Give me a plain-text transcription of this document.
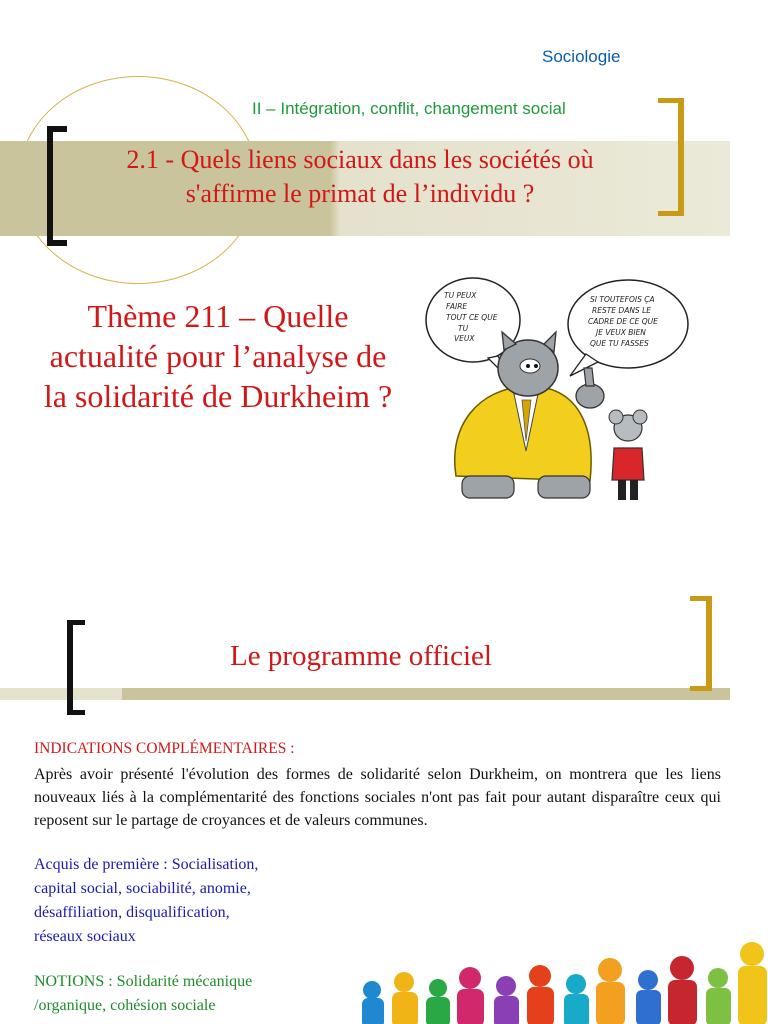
Sociologie
II – Intégration, conflit, changement social
2.1 - Quels liens sociaux dans les sociétés où s'affirme le primat de l’individu ?
Thème 211 – Quelle actualité pour l’analyse de la solidarité de Durkheim ?
TU PEUX
FAIRE
TOUT CE QUE
TU
VEUX
SI TOUTEFOIS ÇA
RESTE DANS LE
CADRE DE CE QUE
JE VEUX BIEN
QUE TU FASSES
Le programme officiel
INDICATIONS COMPLÉMENTAIRES :
Après avoir présenté l'évolution des formes de solidarité selon Durkheim, on montrera que les liens nouveaux liés à la complémentarité des fonctions sociales n'ont pas fait pour autant disparaître ceux qui reposent sur le partage de croyances et de valeurs communes.
Acquis de première : Socialisation,
capital social, sociabilité, anomie,
désaffiliation, disqualification,
réseaux sociaux
NOTIONS : Solidarité mécanique
/organique, cohésion sociale
